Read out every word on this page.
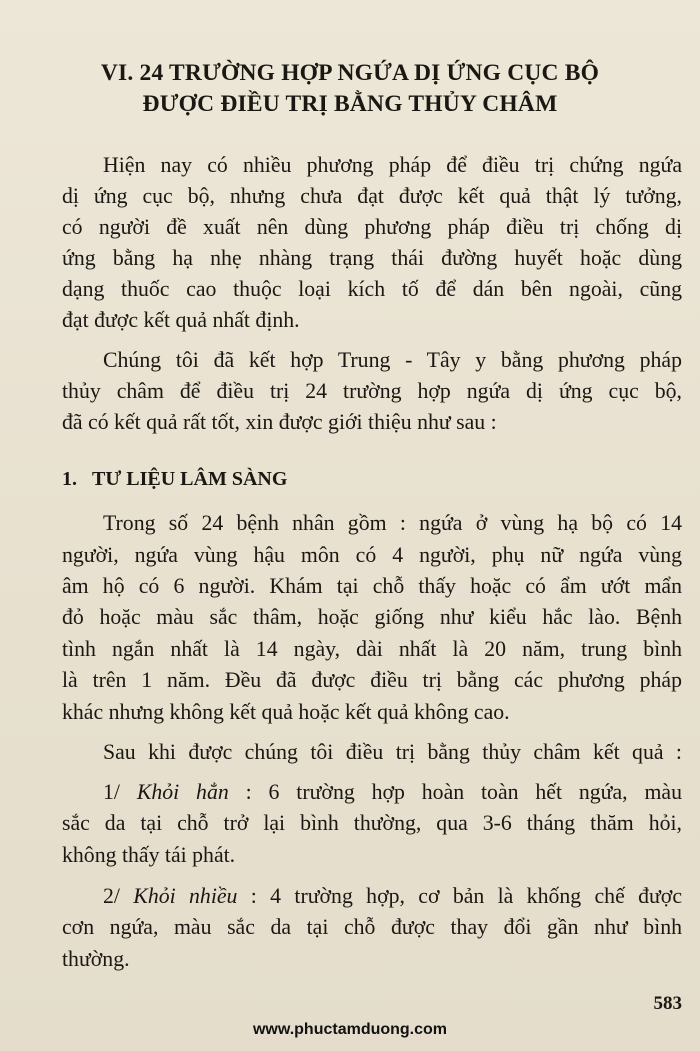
VI. 24 TRƯỜNG HỢP NGỨA DỊ ỨNG CỤC BỘ
ĐƯỢC ĐIỀU TRỊ BẰNG THỦY CHÂM
Hiện nay có nhiều phương pháp để điều trị chứng ngứa
dị ứng cục bộ, nhưng chưa đạt được kết quả thật lý tưởng,
có người đề xuất nên dùng phương pháp điều trị chống dị
ứng bằng hạ nhẹ nhàng trạng thái đường huyết hoặc dùng
dạng thuốc cao thuộc loại kích tố để dán bên ngoài, cũng
đạt được kết quả nhất định.
Chúng tôi đã kết hợp Trung - Tây y bằng phương pháp
thủy châm để điều trị 24 trường hợp ngứa dị ứng cục bộ,
đã có kết quả rất tốt, xin được giới thiệu như sau :
1. TƯ LIỆU LÂM SÀNG
Trong số 24 bệnh nhân gồm : ngứa ở vùng hạ bộ có 14
người, ngứa vùng hậu môn có 4 người, phụ nữ ngứa vùng
âm hộ có 6 người. Khám tại chỗ thấy hoặc có ẩm ướt mẩn
đỏ hoặc màu sắc thâm, hoặc giống như kiểu hắc lào. Bệnh
tình ngắn nhất là 14 ngày, dài nhất là 20 năm, trung bình
là trên 1 năm. Đều đã được điều trị bằng các phương pháp
khác nhưng không kết quả hoặc kết quả không cao.
Sau khi được chúng tôi điều trị bằng thủy châm kết quả :
1/ Khỏi hẳn : 6 trường hợp hoàn toàn hết ngứa, màu
sắc da tại chỗ trở lại bình thường, qua 3-6 tháng thăm hỏi,
không thấy tái phát.
2/ Khỏi nhiều : 4 trường hợp, cơ bản là khống chế được
cơn ngứa, màu sắc da tại chỗ được thay đổi gần như bình
thường.
583
www.phuctamduong.com
